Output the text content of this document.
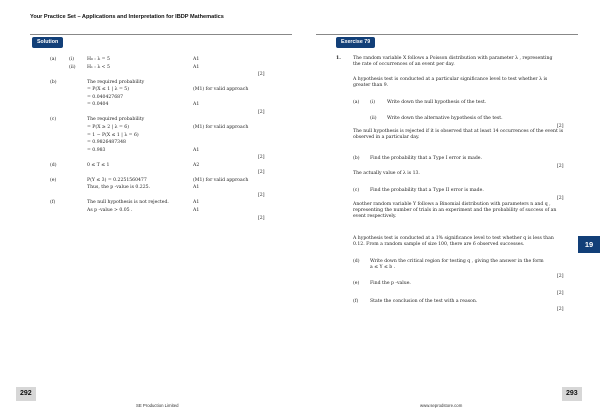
Your Practice Set – Applications and Interpretation for IBDP Mathematics
Solution
(a)	(i)	H₀ : λ = 5	A1
(ii) H₁ : λ < 5	A1
[2]
(b)	The required probability
= P(X ≤ 1 | λ = 5)	(M1) for valid approach
= 0.040427687
= 0.0404	A1
[2]
(c)	The required probability
= P(X ≥ 2 | λ = 6)	(M1) for valid approach
= 1 − P(X ≤ 1 | λ = 6)
= 0.9826487348
= 0.983	A1
[2]
(d)	0 ≤ T ≤ 1	A2
[2]
(e)	P(Y ≤ 3) = 0.2251560477	(M1) for valid approach
Thus, the p -value is 0.225.	A1
[2]
(f)	The null hypothesis is not rejected.	A1
As p -value > 0.05 .	A1
[2]
Exercise 79
1.	The random variable X follows a Poisson distribution with parameter λ , representing
the rate of occurrences of an event per day.
A hypothesis test is conducted at a particular significance level to test whether λ is
greater than 9.
(a) (i)	Write down the null hypothesis of the test.
(ii) Write down the alternative hypothesis of the test.
[2]
The null hypothesis is rejected if it is observed that at least 14 occurrences of the event is
observed in a particular day.
(b) Find the probability that a Type I error is made.
[2]
The actually value of λ is 13.
(c) Find the probability that a Type II error is made.
[2]
Another random variable Y follows a Binomial distribution with parameters n and q ,
representing the number of trials in an experiment and the probability of success of an
event respectively.
A hypothesis test is conducted at a 1% significance level to test whether q is less than
0.12. From a random sample of size 100, there are 6 observed successes.
(d) Write down the critical region for testing q , giving the answer in the form
a ≤ Y ≤ b .
[2]
(e) Find the p -value.
[2]
(f)	State the conclusion of the test with a reason.
[2]
19
292	293
SE Production Limited	www.seprodstore.com
